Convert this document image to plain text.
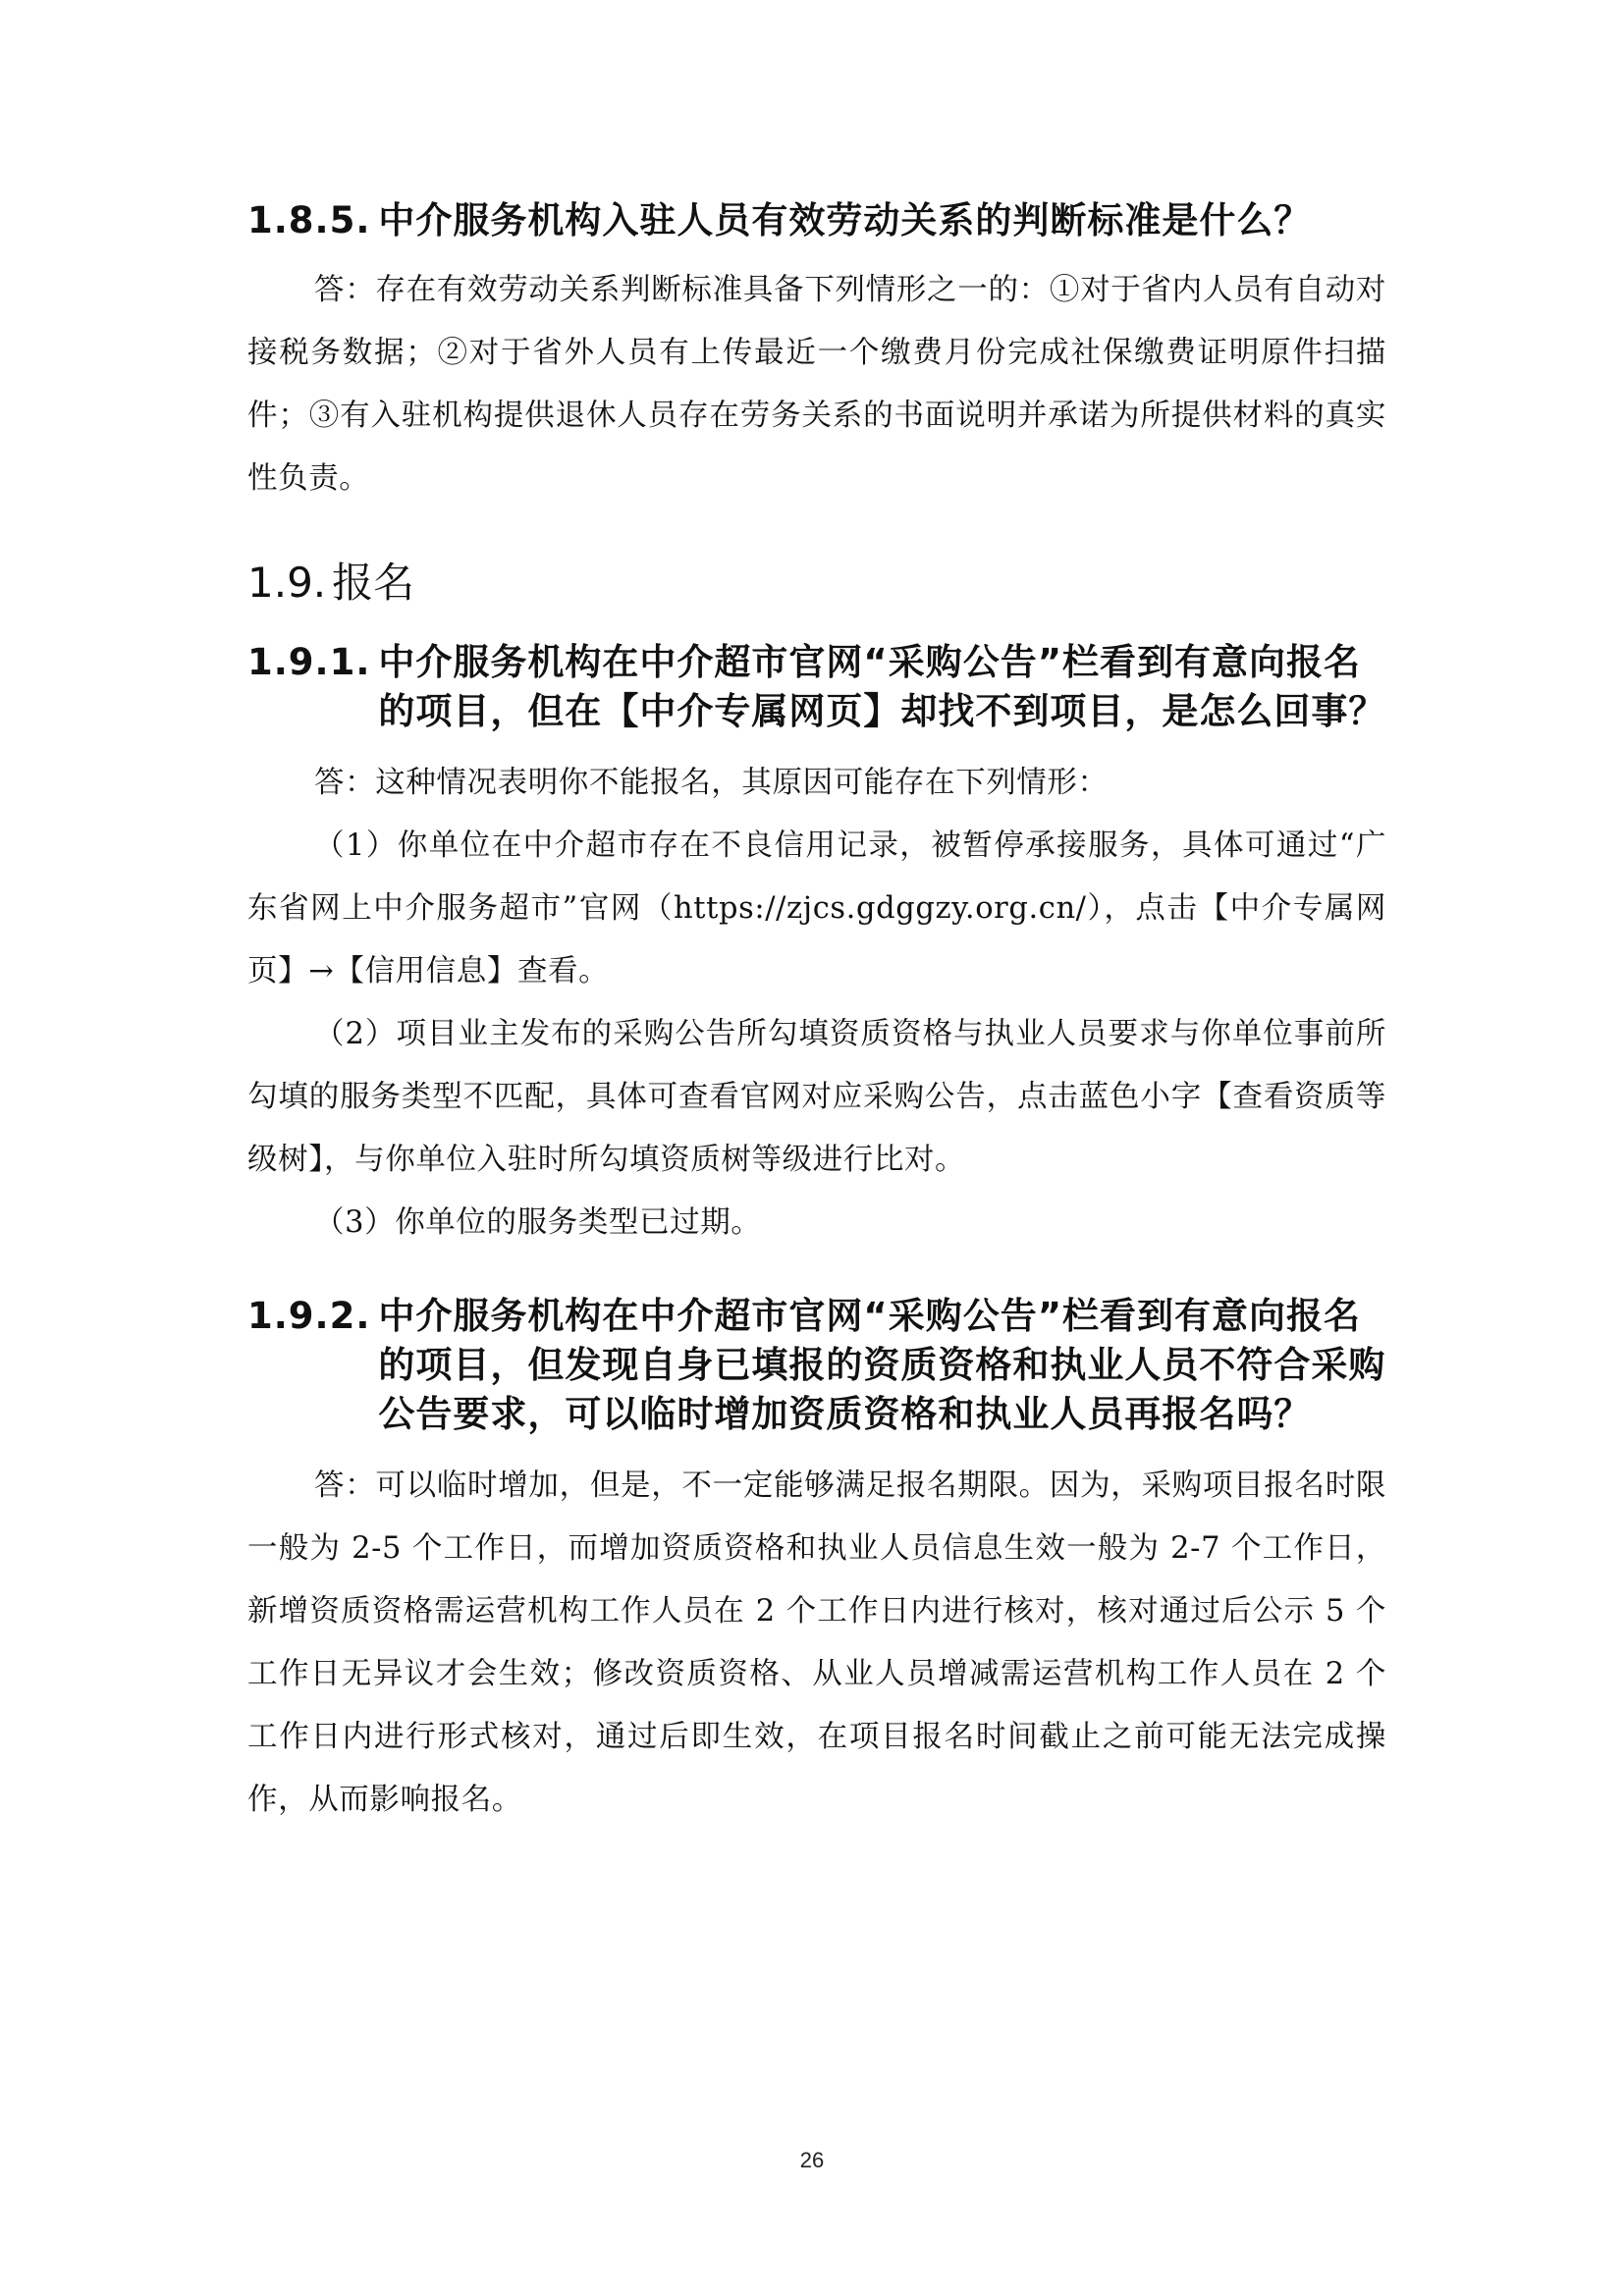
1.8.5. 中介服务机构入驻人员有效劳动关系的判断标准是什么？

答：存在有效劳动关系判断标准具备下列情形之一的：①对于省内人员有自动对接税务数据；②对于省外人员有上传最近一个缴费月份完成社保缴费证明原件扫描件；③有入驻机构提供退休人员存在劳务关系的书面说明并承诺为所提供材料的真实性负责。

1.9. 报名
1.9.1. 中介服务机构在中介超市官网“采购公告”栏看到有意向报名的项目，但在【中介专属网页】却找不到项目，是怎么回事？

答：这种情况表明你不能报名，其原因可能存在下列情形：

（1）你单位在中介超市存在不良信用记录，被暂停承接服务，具体可通过“广东省网上中介服务超市”官网（https://zjcs.gdggzy.org.cn/），点击【中介专属网页】→【信用信息】查看。

（2）项目业主发布的采购公告所勾填资质资格与执业人员要求与你单位事前所勾填的服务类型不匹配，具体可查看官网对应采购公告，点击蓝色小字【查看资质等级树】，与你单位入驻时所勾填资质树等级进行比对。

（3）你单位的服务类型已过期。

1.9.2. 中介服务机构在中介超市官网“采购公告”栏看到有意向报名的项目，但发现自身已填报的资质资格和执业人员不符合采购公告要求，可以临时增加资质资格和执业人员再报名吗？

答：可以临时增加，但是，不一定能够满足报名期限。因为，采购项目报名时限一般为 2-5 个工作日，而增加资质资格和执业人员信息生效一般为 2-7 个工作日，新增资质资格需运营机构工作人员在 2 个工作日内进行核对，核对通过后公示 5 个工作日无异议才会生效；修改资质资格、从业人员增减需运营机构工作人员在 2 个工作日内进行形式核对，通过后即生效，在项目报名时间截止之前可能无法完成操作，从而影响报名。

26
